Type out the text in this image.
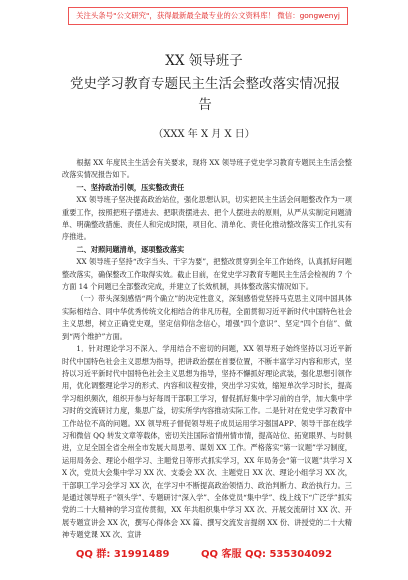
关注头条号"公文研究"，获得最新最全最专业的公文资料库！ 微信：gongwenyj
XX 领导班子
党史学习教育专题民主生活会整改落实情况报告
（XXX 年 X 月 X 日）

根据 XX 年度民主生活会有关要求，现将 XX 领导班子党史学习教育专题民主生活会整改落实情况报告如下。

一、坚持政治引领，压实整改责任

XX 领导班子坚决提高政治站位，强化思想认识，切实把民主生活会问题整改作为一项重要工作，按照把班子摆进去、把职责摆进去、把个人摆进去的原则，从严从实制定问题清单、明确整改措施、责任人和完成时限，项目化、清单化、责任化推动整改落实工作扎实有序推进。

二、对照问题清单，逐项整改落实

XX 领导班子坚持“改字当头、干字为要”，把整改贯穿到全年工作始终，认真抓好问题整改落实，确保整改工作取得实效。截止目前，在党史学习教育专题民主生活会检视的 7 个方面 14 个问题已全部整改完成，并建立了长效机制，具体整改落实情况如下。

（一）带头深刻感悟“两个确立”的决定性意义，深刻感悟党坚持马克思主义同中国具体实际相结合、同中华优秀传统文化相结合的非凡历程，全面贯彻习近平新时代中国特色社会主义思想，树立正确党史观，坚定信仰信念信心，增强“四个意识”、坚定“四个自信”、做到“两个维护”方面。

1．针对理论学习不深入、学用结合不密切的问题，XX 领导班子始终坚持以习近平新时代中国特色社会主义思想为指导，把讲政治摆在首要位置，不断丰富学习内容和形式，坚持以习近平新时代中国特色社会主义思想为指导，坚持不懈抓好理论武装，强化思想引领作用，优化调整理论学习的形式、内容和议程安排，突出学习实效，缩短单次学习时长，提高学习组织频次，组织开参与好每周干部职工学习，督促抓好集中学习前的自学，加大集中学习时的交流研讨力度，集思广益，切实所学内容推动实际工作。二是针对在党史学习教育中工作站位不高的问题。XX 领导班子督促领导班子成员运用学习强国APP、领导干部在线学习和微信 QQ 转发文章等载体，密切关注国际省情州情市情，提高站位、拓宽眼界、与时俱进，立足全国全省全州全市发展大局思考、谋划 XX 工作。严格落实“第一议题”学习制度，运用局务会、理论小组学习、主题党日等形式抓实学习，XX 年局务会“第一议题”共学习 XX 次，党员大会集中学习 XX 次、支委会 XX 次、主题党日 XX 次、理论小组学习 XX 次，干部职工学习会学习 XX 次，在学习中不断提高政治领悟力、政治判断力、政治执行力。三是通过领导班子“领头学”、专题研讨“深入学”、全体党员“集中学”、线上线下“广泛学”抓实党的二十大精神的学习宣传贯彻，XX 年共组织集中学习 XX 次、开展交流研讨 XX 次、开展专题宣讲会 XX 次，撰写心得体会 XX 篇、撰写交流发言提纲 XX 份、讲授党的二十大精神专题党课 XX 次、宣讲

QQ 群: 31991489	QQ 客服 QQ: 535304092
